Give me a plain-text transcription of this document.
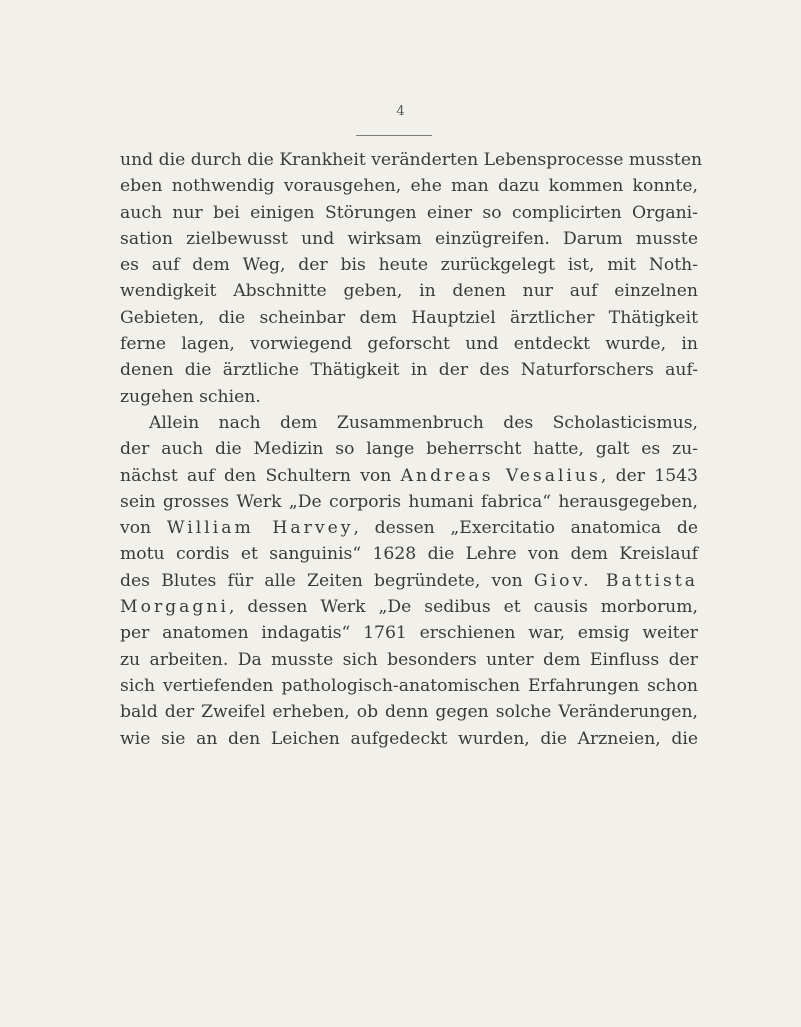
4
und die durch die Krankheit veränderten Lebensprocesse mussten
eben nothwendig vorausgehen, ehe man dazu kommen konnte,
auch nur bei einigen Störungen einer so complicirten Organi-
sation zielbewusst und wirksam einzügreifen. Darum musste
es auf dem Weg, der bis heute zurückgelegt ist, mit Noth-
wendigkeit Abschnitte geben, in denen nur auf einzelnen
Gebieten, die scheinbar dem Hauptziel ärztlicher Thätigkeit
ferne lagen, vorwiegend geforscht und entdeckt wurde, in
denen die ärztliche Thätigkeit in der des Naturforschers auf-
zugehen schien.
Allein nach dem Zusammenbruch des Scholasticismus,
der auch die Medizin so lange beherrscht hatte, galt es zu-
nächst auf den Schultern von Andreas Vesalius, der 1543
sein grosses Werk „De corporis humani fabrica“ herausgegeben,
von William Harvey, dessen „Exercitatio anatomica de
motu cordis et sanguinis“ 1628 die Lehre von dem Kreislauf
des Blutes für alle Zeiten begründete, von Giov. Battista
Morgagni, dessen Werk „De sedibus et causis morborum,
per anatomen indagatis“ 1761 erschienen war, emsig weiter
zu arbeiten. Da musste sich besonders unter dem Einfluss der
sich vertiefenden pathologisch-anatomischen Erfahrungen schon
bald der Zweifel erheben, ob denn gegen solche Veränderungen,
wie sie an den Leichen aufgedeckt wurden, die Arzneien, die
